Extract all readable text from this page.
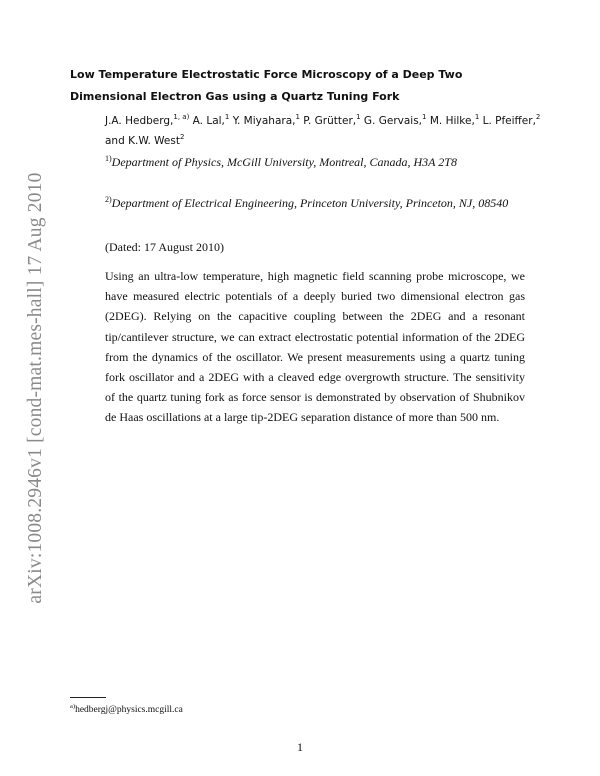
arXiv:1008.2946v1 [cond-mat.mes-hall] 17 Aug 2010
Low Temperature Electrostatic Force Microscopy of a Deep Two Dimensional Electron Gas using a Quartz Tuning Fork
J.A. Hedberg,$^{1, a)}$ A. Lal,$^1$ Y. Miyahara,$^1$ P. Grütter,$^1$ G. Gervais,$^1$ M. Hilke,$^1$ L. Pfeiffer,$^2$ and K.W. West$^2$
$^{1)}$Department of Physics, McGill University, Montreal, Canada, H3A 2T8
$^{2)}$Department of Electrical Engineering, Princeton University, Princeton, NJ, 08540
(Dated: 17 August 2010)
Using an ultra-low temperature, high magnetic field scanning probe microscope, we have measured electric potentials of a deeply buried two dimensional electron gas (2DEG). Relying on the capacitive coupling between the 2DEG and a resonant tip/cantilever structure, we can extract electrostatic potential information of the 2DEG from the dynamics of the oscillator. We present measurements using a quartz tuning fork oscillator and a 2DEG with a cleaved edge overgrowth structure. The sensitivity of the quartz tuning fork as force sensor is demonstrated by observation of Shubnikov de Haas oscillations at a large tip-2DEG separation distance of more than 500 nm.
$^{a)}$hedbergj@physics.mcgill.ca
1
